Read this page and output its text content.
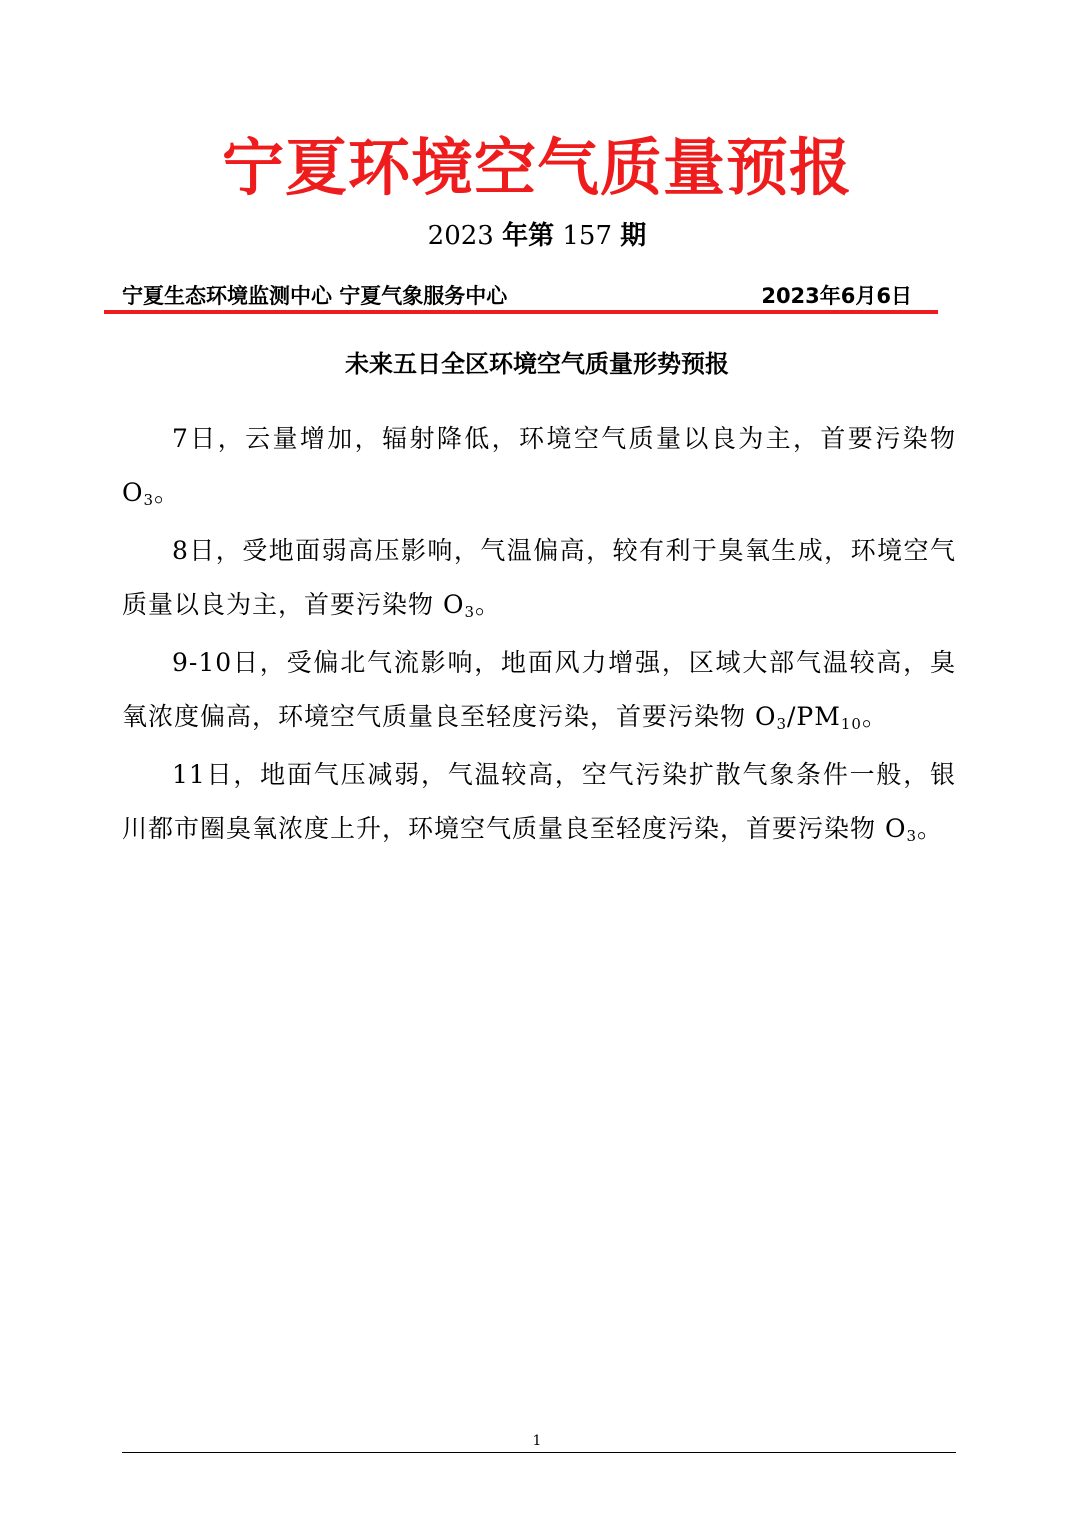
宁夏环境空气质量预报
2023 年第 157 期
宁夏生态环境监测中心 宁夏气象服务中心	2023年6月6日
未来五日全区环境空气质量形势预报

7日，云量增加，辐射降低，环境空气质量以良为主，首要污染物 $O_3$。

8日，受地面弱高压影响，气温偏高，较有利于臭氧生成，环境空气质量以良为主，首要污染物 $O_3$。

9-10日，受偏北气流影响，地面风力增强，区域大部气温较高，臭氧浓度偏高，环境空气质量良至轻度污染，首要污染物 $O_3/PM_{10}$。

11日，地面气压减弱，气温较高，空气污染扩散气象条件一般，银川都市圈臭氧浓度上升，环境空气质量良至轻度污染，首要污染物 $O_3$。

1
